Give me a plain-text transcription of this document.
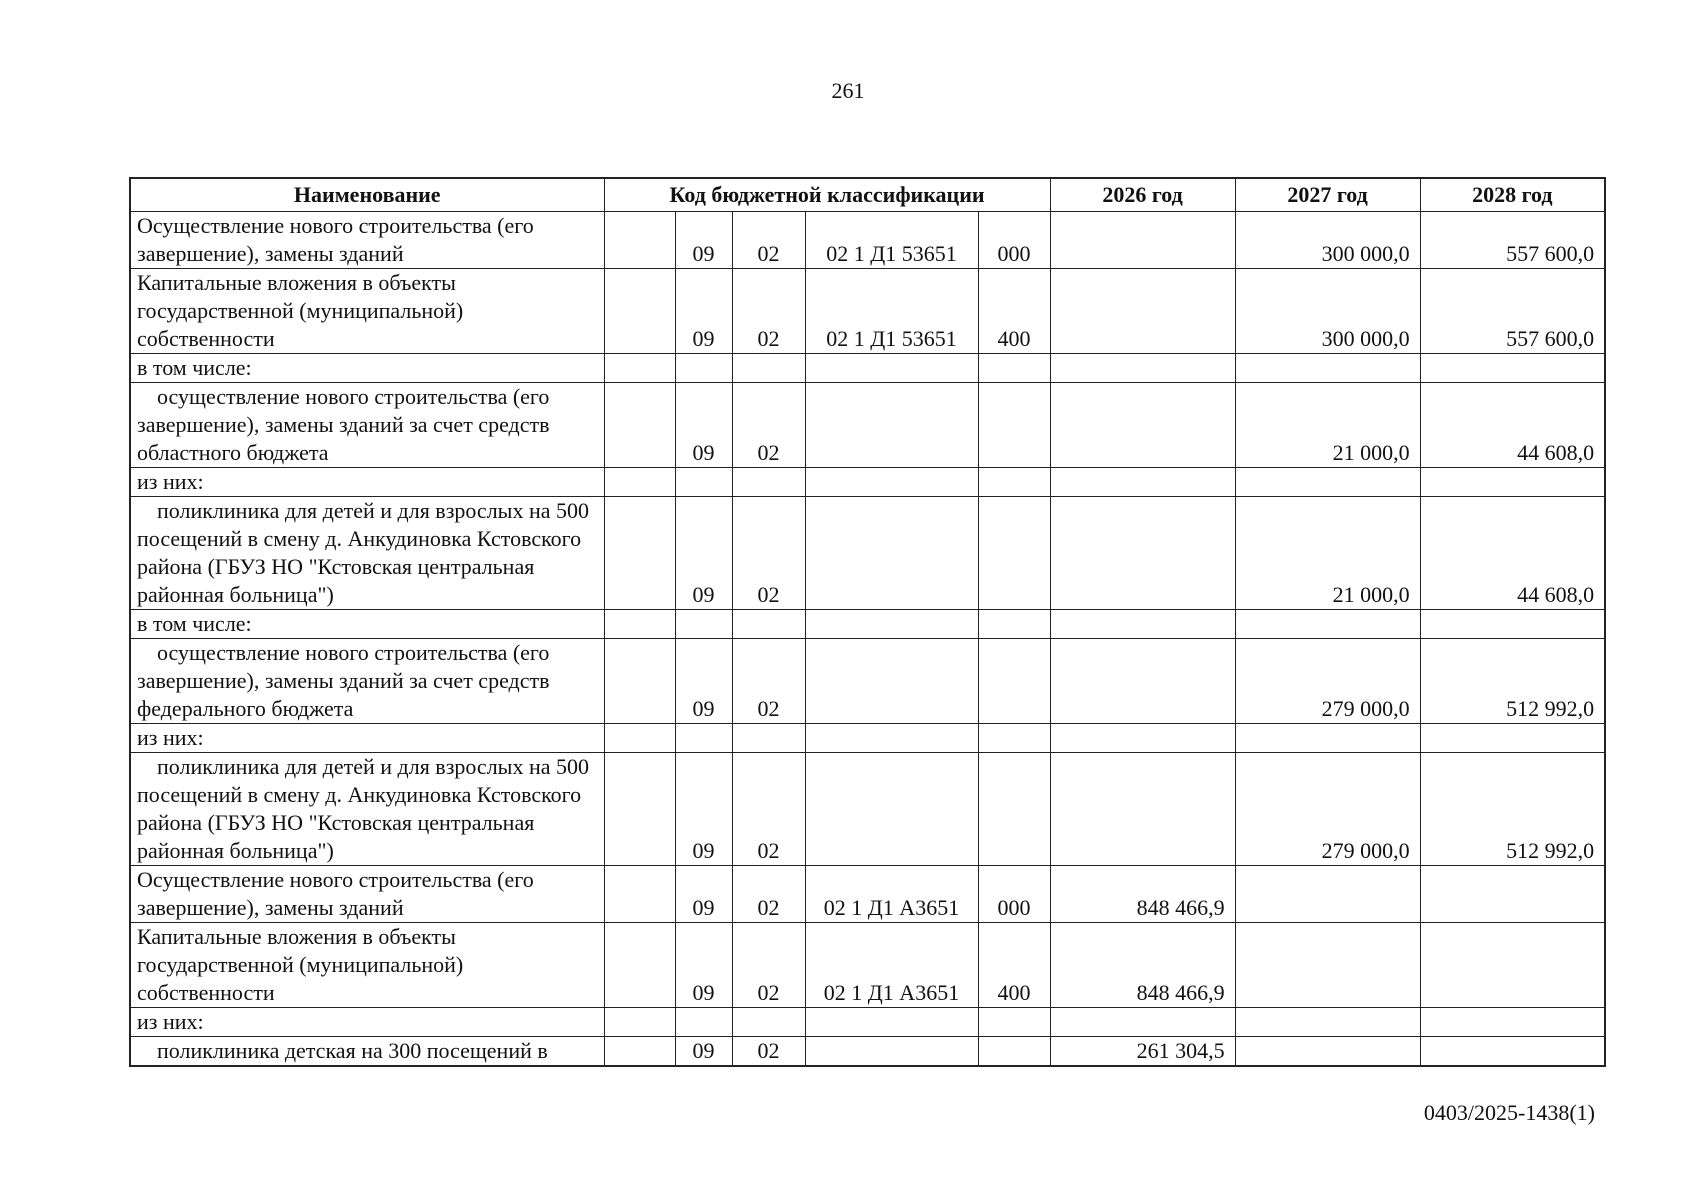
261
Наименование	Код бюджетной классификации					2026 год	2027 год	2028 год
Осуществление нового строительства (его
завершение), замены зданий		09	02	02 1 Д1 53651	000		300 000,0	557 600,0
Капитальные вложения в объекты
государственной (муниципальной)
собственности		09	02	02 1 Д1 53651	400		300 000,0	557 600,0
в том числе:								
осуществление нового строительства (его завершение), замены зданий за счет средств областного бюджета		09	02				21 000,0	44 608,0
из них:								
поликлиника для детей и для взрослых на 500 посещений в смену д. Анкудиновка Кстовского района (ГБУЗ НО "Кстовская центральная районная больница")		09	02				21 000,0	44 608,0
в том числе:								
осуществление нового строительства (его завершение), замены зданий за счет средств федерального бюджета		09	02				279 000,0	512 992,0
из них:								
поликлиника для детей и для взрослых на 500 посещений в смену д. Анкудиновка Кстовского района (ГБУЗ НО "Кстовская центральная районная больница")		09	02				279 000,0	512 992,0
Осуществление нового строительства (его
завершение), замены зданий		09	02	02 1 Д1 А3651	000	848 466,9		
Капитальные вложения в объекты
государственной (муниципальной)
собственности		09	02	02 1 Д1 А3651	400	848 466,9		
из них:								
поликлиника детская на 300 посещений в		09	02			261 304,5		
0403/2025-1438(1)
